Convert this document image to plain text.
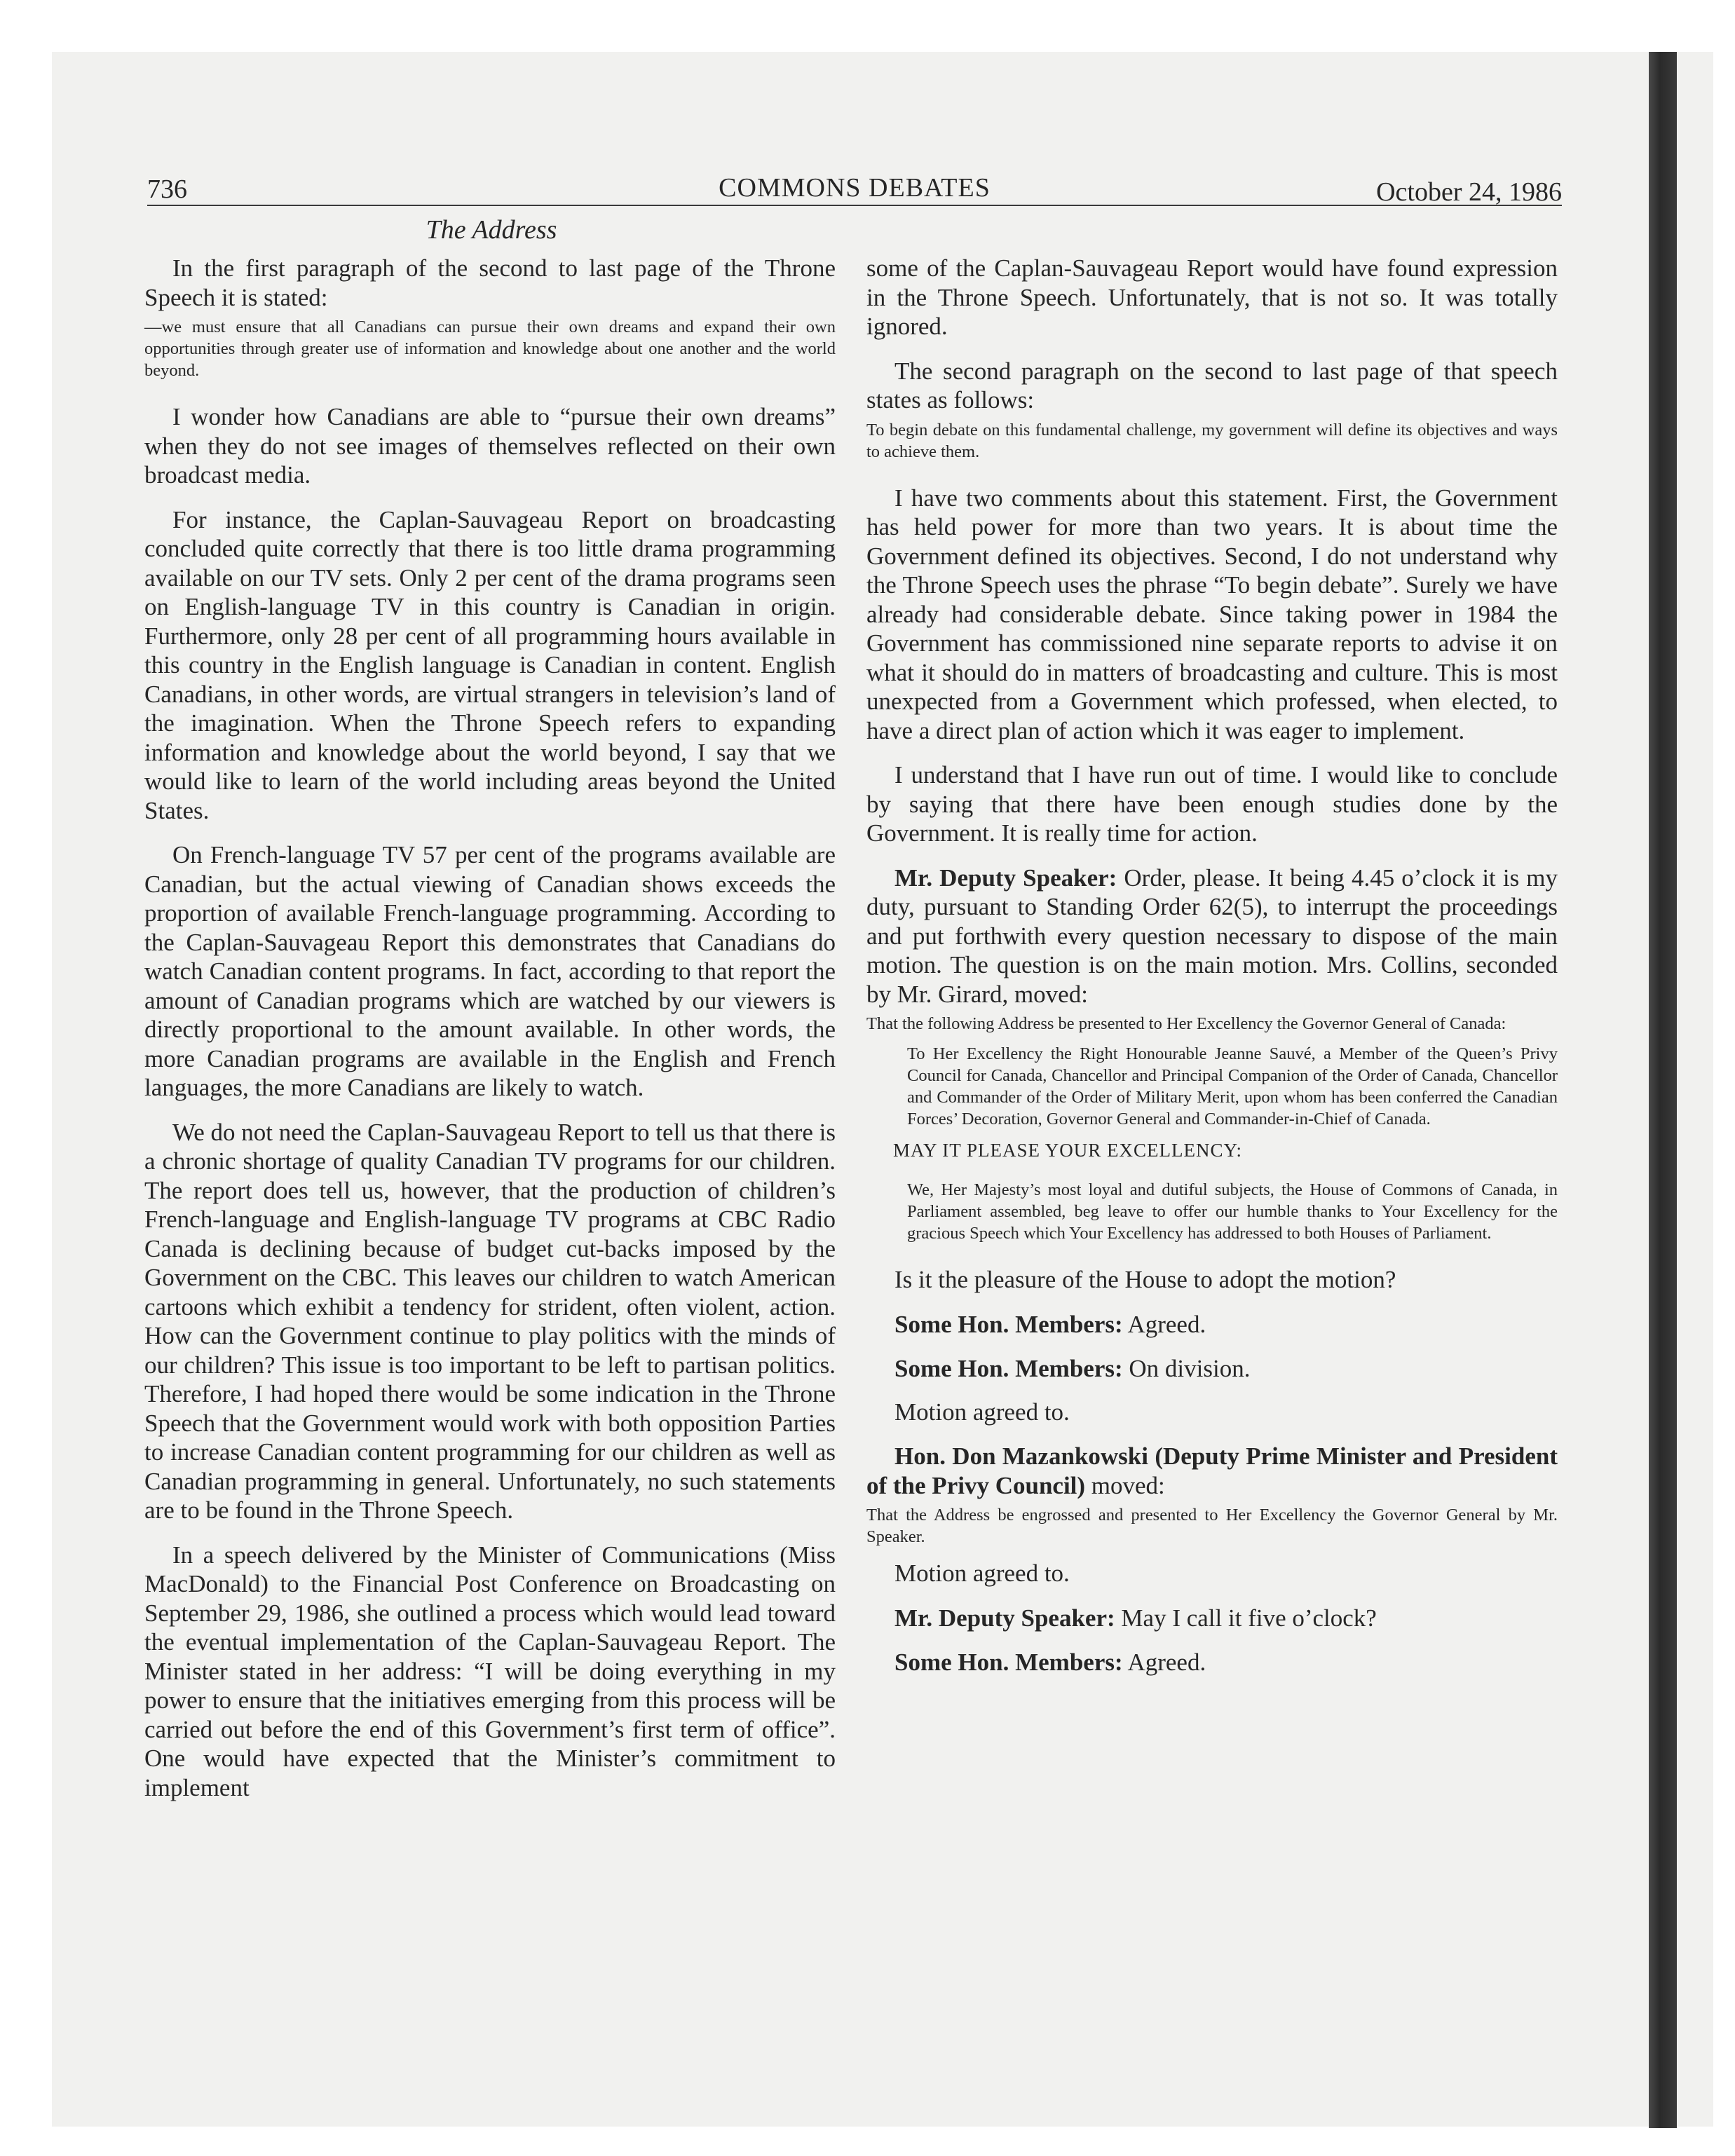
736	COMMONS DEBATES	October 24, 1986
The Address

In the first paragraph of the second to last page of the Throne Speech it is stated:

—we must ensure that all Canadians can pursue their own dreams and expand their own opportunities through greater use of information and knowledge about one another and the world beyond.

I wonder how Canadians are able to “pursue their own dreams” when they do not see images of themselves reflected on their own broadcast media.

For instance, the Caplan-Sauvageau Report on broadcasting concluded quite correctly that there is too little drama programming available on our TV sets. Only 2 per cent of the drama programs seen on English-language TV in this country is Canadian in origin. Furthermore, only 28 per cent of all programming hours available in this country in the English language is Canadian in content. English Canadians, in other words, are virtual strangers in television’s land of the imagination. When the Throne Speech refers to expanding information and knowledge about the world beyond, I say that we would like to learn of the world including areas beyond the United States.

On French-language TV 57 per cent of the programs available are Canadian, but the actual viewing of Canadian shows exceeds the proportion of available French-language programming. According to the Caplan-Sauvageau Report this demonstrates that Canadians do watch Canadian content programs. In fact, according to that report the amount of Canadian programs which are watched by our viewers is directly proportional to the amount available. In other words, the more Canadian programs are available in the English and French languages, the more Canadians are likely to watch.

We do not need the Caplan-Sauvageau Report to tell us that there is a chronic shortage of quality Canadian TV programs for our children. The report does tell us, however, that the production of children’s French-language and English-language TV programs at CBC Radio Canada is declining because of budget cut-backs imposed by the Government on the CBC. This leaves our children to watch American cartoons which exhibit a tendency for strident, often violent, action. How can the Government continue to play politics with the minds of our children? This issue is too important to be left to partisan politics. Therefore, I had hoped there would be some indication in the Throne Speech that the Government would work with both opposition Parties to increase Canadian content programming for our children as well as Canadian programming in general. Unfortunately, no such statements are to be found in the Throne Speech.

In a speech delivered by the Minister of Communications (Miss MacDonald) to the Financial Post Conference on Broadcasting on September 29, 1986, she outlined a process which would lead toward the eventual implementation of the Caplan-Sauvageau Report. The Minister stated in her address: “I will be doing everything in my power to ensure that the initiatives emerging from this process will be carried out before the end of this Government’s first term of office”. One would have expected that the Minister’s commitment to implement

some of the Caplan-Sauvageau Report would have found expression in the Throne Speech. Unfortunately, that is not so. It was totally ignored.

The second paragraph on the second to last page of that speech states as follows:

To begin debate on this fundamental challenge, my government will define its objectives and ways to achieve them.

I have two comments about this statement. First, the Government has held power for more than two years. It is about time the Government defined its objectives. Second, I do not understand why the Throne Speech uses the phrase “To begin debate”. Surely we have already had considerable debate. Since taking power in 1984 the Government has commissioned nine separate reports to advise it on what it should do in matters of broadcasting and culture. This is most unexpected from a Government which professed, when elected, to have a direct plan of action which it was eager to implement.

I understand that I have run out of time. I would like to conclude by saying that there have been enough studies done by the Government. It is really time for action.

Mr. Deputy Speaker: Order, please. It being 4.45 o’clock it is my duty, pursuant to Standing Order 62(5), to interrupt the proceedings and put forthwith every question necessary to dispose of the main motion. The question is on the main motion. Mrs. Collins, seconded by Mr. Girard, moved:

That the following Address be presented to Her Excellency the Governor General of Canada:
To Her Excellency the Right Honourable Jeanne Sauvé, a Member of the Queen’s Privy Council for Canada, Chancellor and Principal Companion of the Order of Canada, Chancellor and Commander of the Order of Military Merit, upon whom has been conferred the Canadian Forces’ Decoration, Governor General and Commander-in-Chief of Canada.
MAY IT PLEASE YOUR EXCELLENCY:
We, Her Majesty’s most loyal and dutiful subjects, the House of Commons of Canada, in Parliament assembled, beg leave to offer our humble thanks to Your Excellency for the gracious Speech which Your Excellency has addressed to both Houses of Parliament.

Is it the pleasure of the House to adopt the motion?

Some Hon. Members: Agreed.

Some Hon. Members: On division.

Motion agreed to.

Hon. Don Mazankowski (Deputy Prime Minister and President of the Privy Council) moved:

That the Address be engrossed and presented to Her Excellency the Governor General by Mr. Speaker.

Motion agreed to.

Mr. Deputy Speaker: May I call it five o’clock?

Some Hon. Members: Agreed.
